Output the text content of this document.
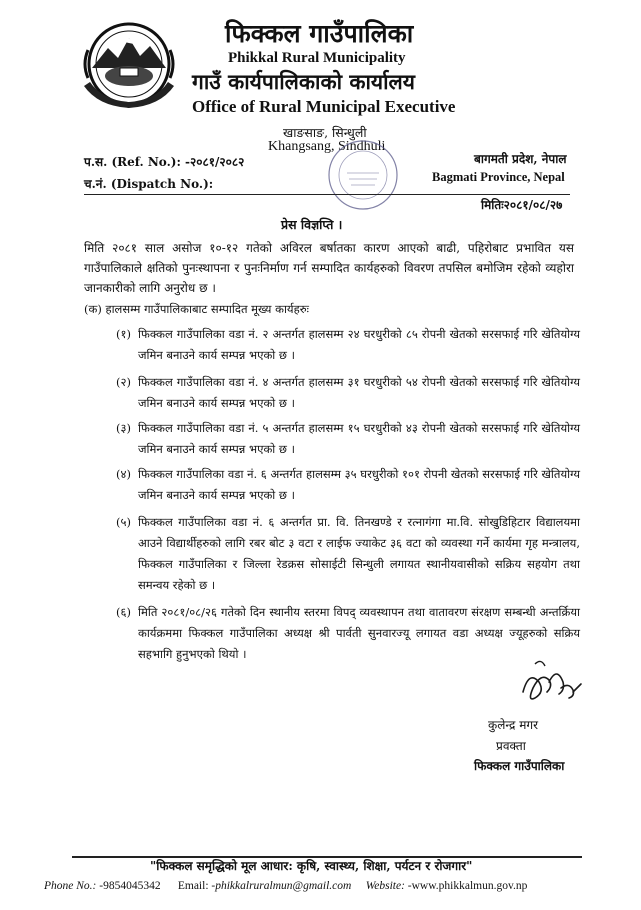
फिक्कल गाउँपालिका
Phikkal Rural Municipality
गाउँ कार्यपालिकाको कार्यालय
Office of Rural Municipal Executive
खाङसाङ, सिन्धुली
Khangsang, Sindhuli
प.स. (Ref. No.): -२०८१/२०८२
च.नं. (Dispatch No.):
बागमती प्रदेश, नेपाल
Bagmati Province, Nepal
मितिः२०८१/०८/२७
प्रेस विज्ञप्ति ।
मिति २०८१ साल असोज १०-१२ गतेको अविरल बर्षातका कारण आएको बाढी, पहिरोबाट प्रभावित यस गाउँपालिकाले क्षतिको पुनःस्थापना र पुनःनिर्माण गर्न सम्पादित कार्यहरुको विवरण तपसिल बमोजिम रहेको व्यहोरा जानकारीको लागि अनुरोध छ ।
(क) हालसम्म गाउँपालिकाबाट सम्पादित मूख्य कार्यहरुः
(१) फिक्कल गाउँपालिका वडा नं. २ अन्तर्गत हालसम्म २४ घरधुरीको ८५ रोपनी खेतको सरसफाई गरि खेतियोग्य जमिन बनाउने कार्य सम्पन्न भएको छ ।
(२) फिक्कल गाउँपालिका वडा नं. ४ अन्तर्गत हालसम्म ३१ घरधुरीको ५४ रोपनी खेतको सरसफाई गरि खेतियोग्य जमिन बनाउने कार्य सम्पन्न भएको छ ।
(३) फिक्कल गाउँपालिका वडा नं. ५ अन्तर्गत हालसम्म १५ घरधुरीको ४३ रोपनी खेतको सरसफाई गरि खेतियोग्य जमिन बनाउने कार्य सम्पन्न भएको छ ।
(४) फिक्कल गाउँपालिका वडा नं. ६ अन्तर्गत हालसम्म ३५ घरधुरीको १०१ रोपनी खेतको सरसफाई गरि खेतियोग्य जमिन बनाउने कार्य सम्पन्न भएको छ ।
(५) फिक्कल गाउँपालिका वडा नं. ६ अन्तर्गत प्रा. वि. तिनखण्डे र रत्नागंगा मा.वि. सोखुडिहिटार विद्यालयमा आउने विद्यार्थीहरुको लागि रबर बोट ३ वटा र लाईफ ज्याकेट ३६ वटा को व्यवस्था गर्ने कार्यमा गृह मन्त्रालय, फिक्कल गाउँपालिका र जिल्ला रेडक्रस सोसाईटी सिन्धुली लगायत स्थानीयवासीको सक्रिय सहयोग तथा समन्वय रहेको छ ।
(६) मिति २०८१/०८/२६ गतेको दिन स्थानीय स्तरमा विपद् व्यवस्थापन तथा वातावरण संरक्षण सम्बन्धी अन्तर्क्रिया कार्यक्रममा फिक्कल गाउँपालिका अध्यक्ष श्री पार्वती सुनवारज्यू लगायत वडा अध्यक्ष ज्यूहरुको सक्रिय सहभागि हुनुभएको थियो ।
कुलेन्द्र मगर
प्रवक्ता
फिक्कल गाउँपालिका
"फिक्कल समृद्धिको मूल आधार: कृषि, स्वास्थ्य, शिक्षा, पर्यटन र रोजगार"
Phone No.: -9854045342 Email: -phikkalruralmun@gmail.com Website: -www.phikkalmun.gov.np
